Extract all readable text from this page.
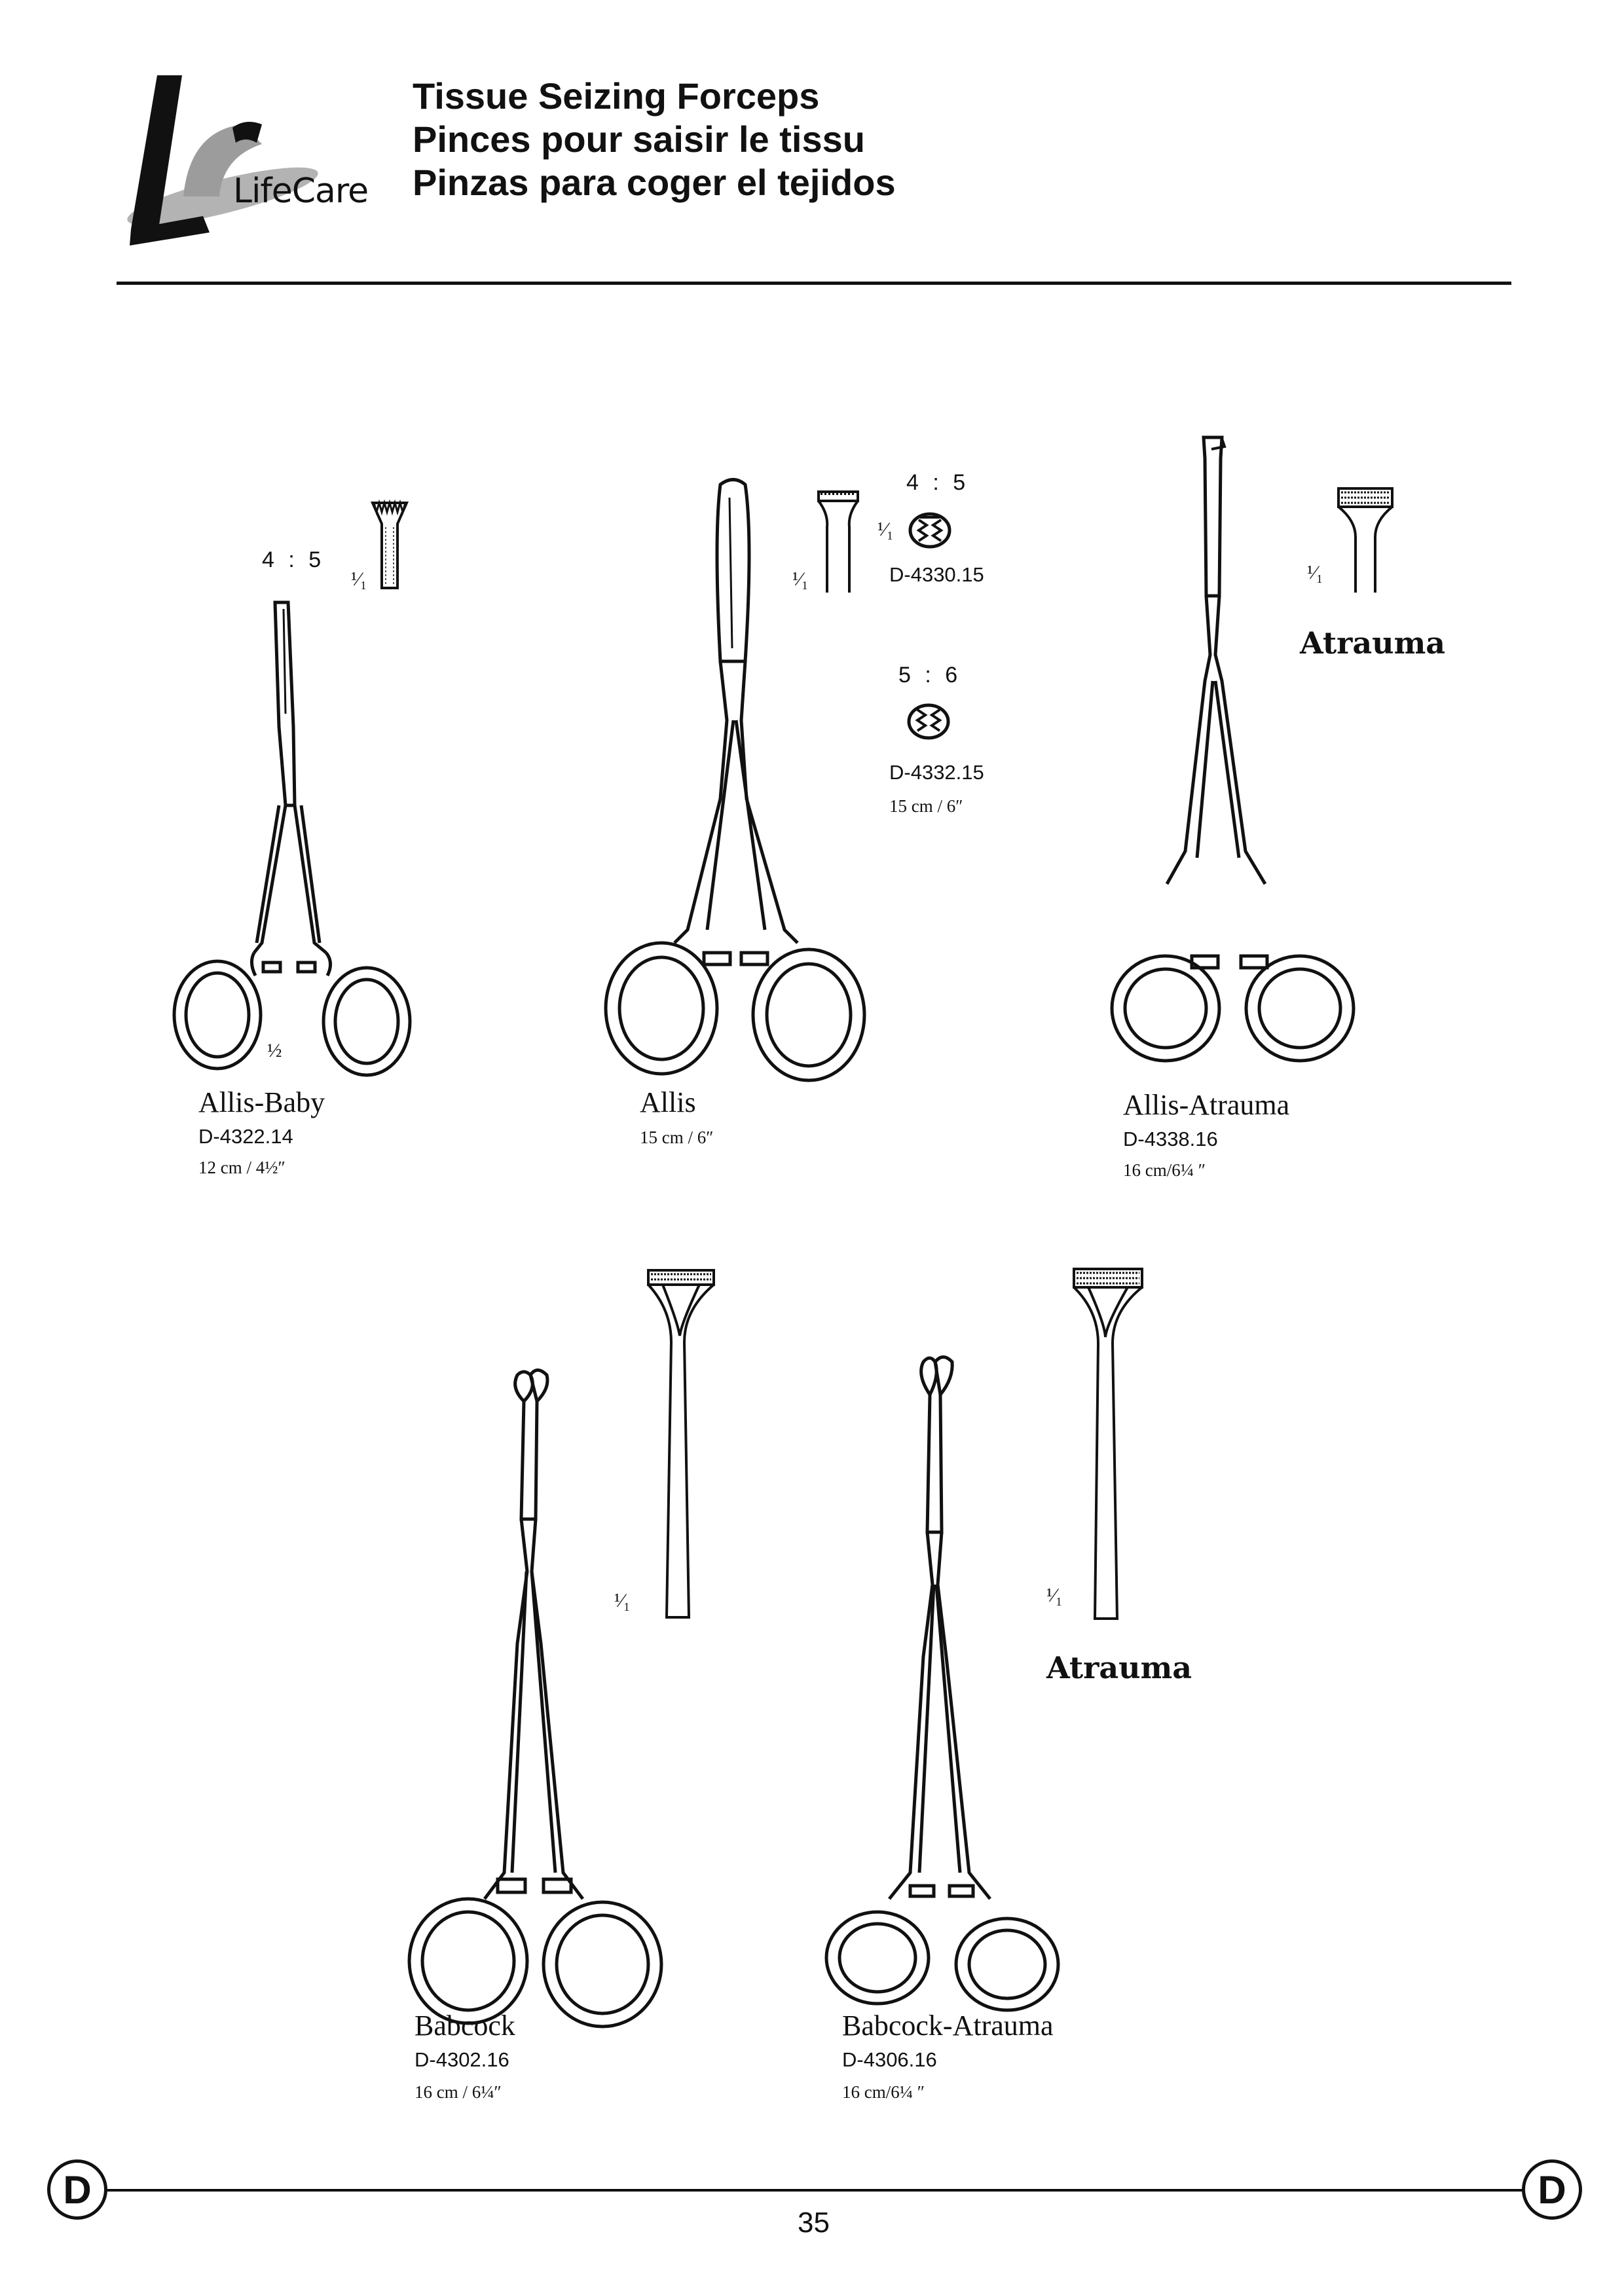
LifeCare
Tissue Seizing Forceps
Pinces pour saisir le tissu
Pinzas para coger el tejidos
4 : 5
¹⁄₁
½
Allis-Baby
D-4322.14
12 cm / 4½″
¹⁄₁
4 : 5
¹⁄₁
D-4330.15
5 : 6
D-4332.15
15 cm / 6″
Allis
15 cm / 6″
¹⁄₁
Atrauma
Allis-Atrauma
D-4338.16
16 cm/6¼ ″
¹⁄₁
Babcock
D-4302.16
16 cm / 6¼″
¹⁄₁
Atrauma
Babcock-Atrauma
D-4306.16
16 cm/6¼ ″
D	D
35
